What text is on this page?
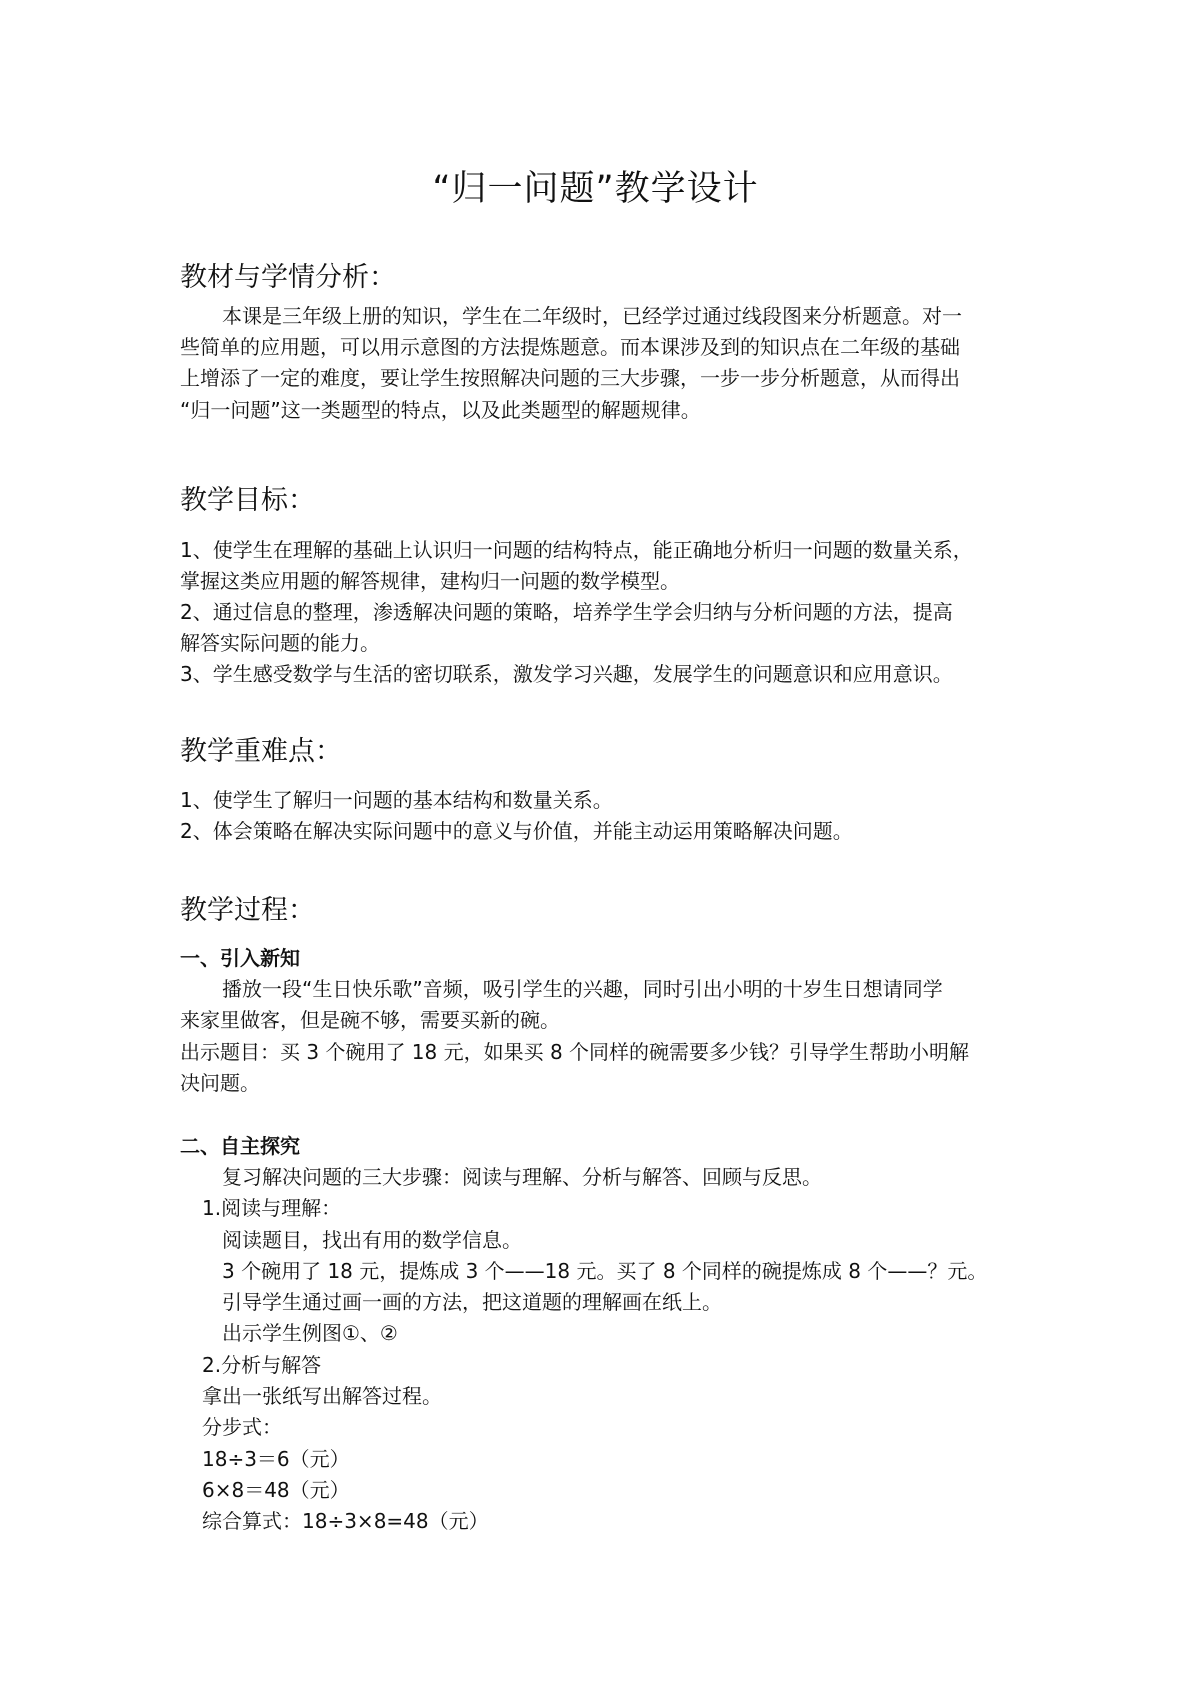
“归一问题”教学设计
教材与学情分析：
本课是三年级上册的知识，学生在二年级时，已经学过通过线段图来分析题意。对一
些简单的应用题，可以用示意图的方法提炼题意。而本课涉及到的知识点在二年级的基础
上增添了一定的难度，要让学生按照解决问题的三大步骤，一步一步分析题意，从而得出
“归一问题”这一类题型的特点，以及此类题型的解题规律。
教学目标：
1、使学生在理解的基础上认识归一问题的结构特点，能正确地分析归一问题的数量关系，
掌握这类应用题的解答规律，建构归一问题的数学模型。
2、通过信息的整理，渗透解决问题的策略，培养学生学会归纳与分析问题的方法，提高
解答实际问题的能力。
3、学生感受数学与生活的密切联系，激发学习兴趣，发展学生的问题意识和应用意识。
教学重难点：
1、使学生了解归一问题的基本结构和数量关系。
2、体会策略在解决实际问题中的意义与价值，并能主动运用策略解决问题。
教学过程：
一、引入新知
播放一段“生日快乐歌”音频，吸引学生的兴趣，同时引出小明的十岁生日想请同学
来家里做客，但是碗不够，需要买新的碗。
出示题目：买 3 个碗用了 18 元，如果买 8 个同样的碗需要多少钱？引导学生帮助小明解
决问题。
二、自主探究
复习解决问题的三大步骤：阅读与理解、分析与解答、回顾与反思。
1.阅读与理解：
阅读题目，找出有用的数学信息。
3 个碗用了 18 元，提炼成 3 个——18 元。买了 8 个同样的碗提炼成 8 个——？元。
引导学生通过画一画的方法，把这道题的理解画在纸上。
出示学生例图①、②
2.分析与解答
拿出一张纸写出解答过程。
分步式：
18÷3＝6（元）
6×8＝48（元）
综合算式：18÷3×8=48（元）
